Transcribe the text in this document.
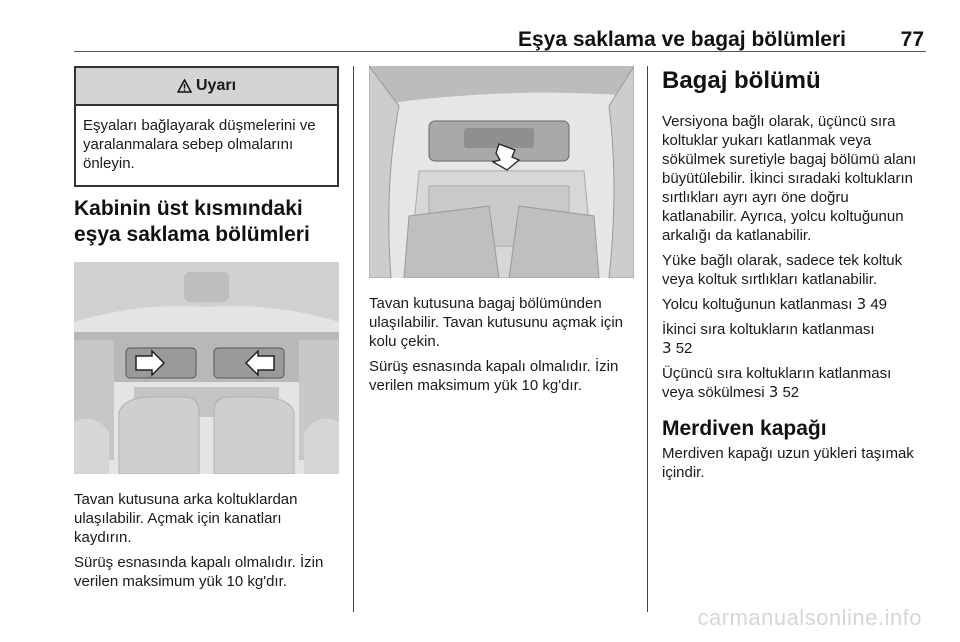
Eşya saklama ve bagaj bölümleri	77
Uyarı
Eşyaları bağlayarak düşmelerini ve yaralanmalara sebep olmalarını önleyin.
Kabinin üst kısmındaki eşya saklama bölümleri

Tavan kutusuna arka koltuklardan ulaşılabilir. Açmak için kanatları kaydırın.

Sürüş esnasında kapalı olmalıdır. İzin verilen maksimum yük 10 kg'dır.

Tavan kutusuna bagaj bölümünden ulaşılabilir. Tavan kutusunu açmak için kolu çekin.

Sürüş esnasında kapalı olmalıdır. İzin verilen maksimum yük 10 kg'dır.

Bagaj bölümü

Versiyona bağlı olarak, üçüncü sıra koltuklar yukarı katlanmak veya sökülmek suretiyle bagaj bölümü alanı büyütülebilir. İkinci sıradaki koltukların sırtlıkları ayrı ayrı öne doğru katlanabilir. Ayrıca, yolcu koltuğunun arkalığı da katlanabilir.

Yüke bağlı olarak, sadece tek koltuk veya koltuk sırtlıkları katlanabilir.

Yolcu koltuğunun katlanması 3 49

İkinci sıra koltukların katlanması
3 52

Üçüncü sıra koltukların katlanması veya sökülmesi 3 52

Merdiven kapağı

Merdiven kapağı uzun yükleri taşımak içindir.

carmanualsonline.info
